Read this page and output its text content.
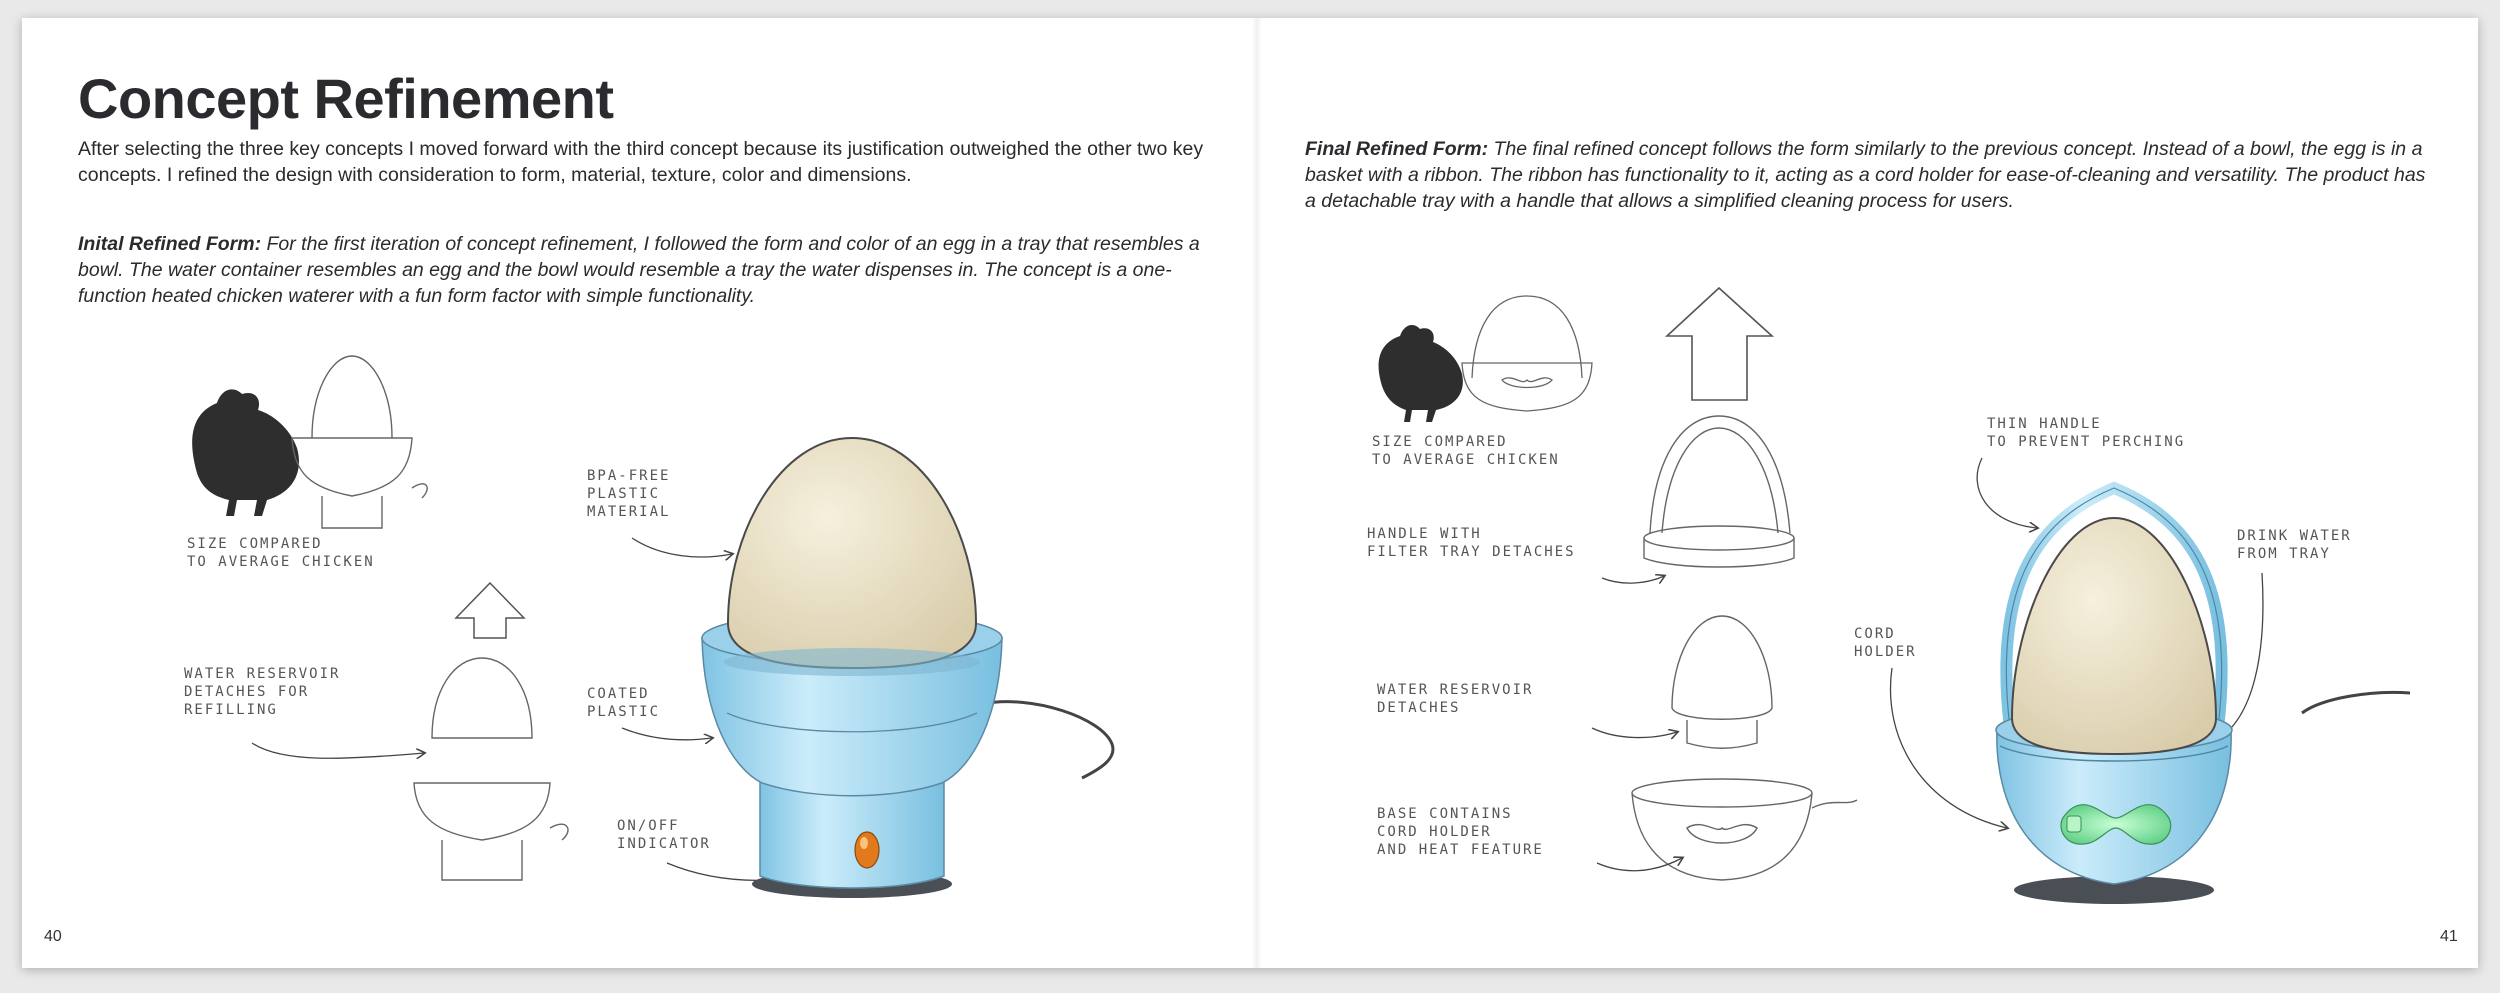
Concept Refinement

After selecting the three key concepts I moved forward with the third concept because its justification outweighed the other two key concepts. I refined the design with consideration to form, material, texture, color and dimensions.

Inital Refined Form: For the first iteration of concept refinement, I followed the form and color of an egg in a tray that resembles a bowl. The water container resembles an egg and the bowl would resemble a tray the water dispenses in. The concept is a one-function heated chicken waterer with a fun form factor with simple functionality.

Final Refined Form: The final refined concept follows the form similarly to the previous concept. Instead of a bowl, the egg is in a basket with a ribbon. The ribbon has functionality to it, acting as a cord holder for ease-of-cleaning and versatility. The product has a detachable tray with a handle that allows a simplified cleaning process for users.

40	41
SIZE COMPARED
TO AVERAGE CHICKEN
WATER RESERVOIR
DETACHES FOR
REFILLING
BPA-FREE
PLASTIC
MATERIAL
COATED
PLASTIC
ON/OFF
INDICATOR
SIZE COMPARED
TO AVERAGE CHICKEN
HANDLE WITH
FILTER TRAY DETACHES
WATER RESERVOIR
DETACHES
BASE CONTAINS
CORD HOLDER
AND HEAT FEATURE
THIN HANDLE
TO PREVENT PERCHING
CORD
HOLDER
DRINK WATER
FROM TRAY
